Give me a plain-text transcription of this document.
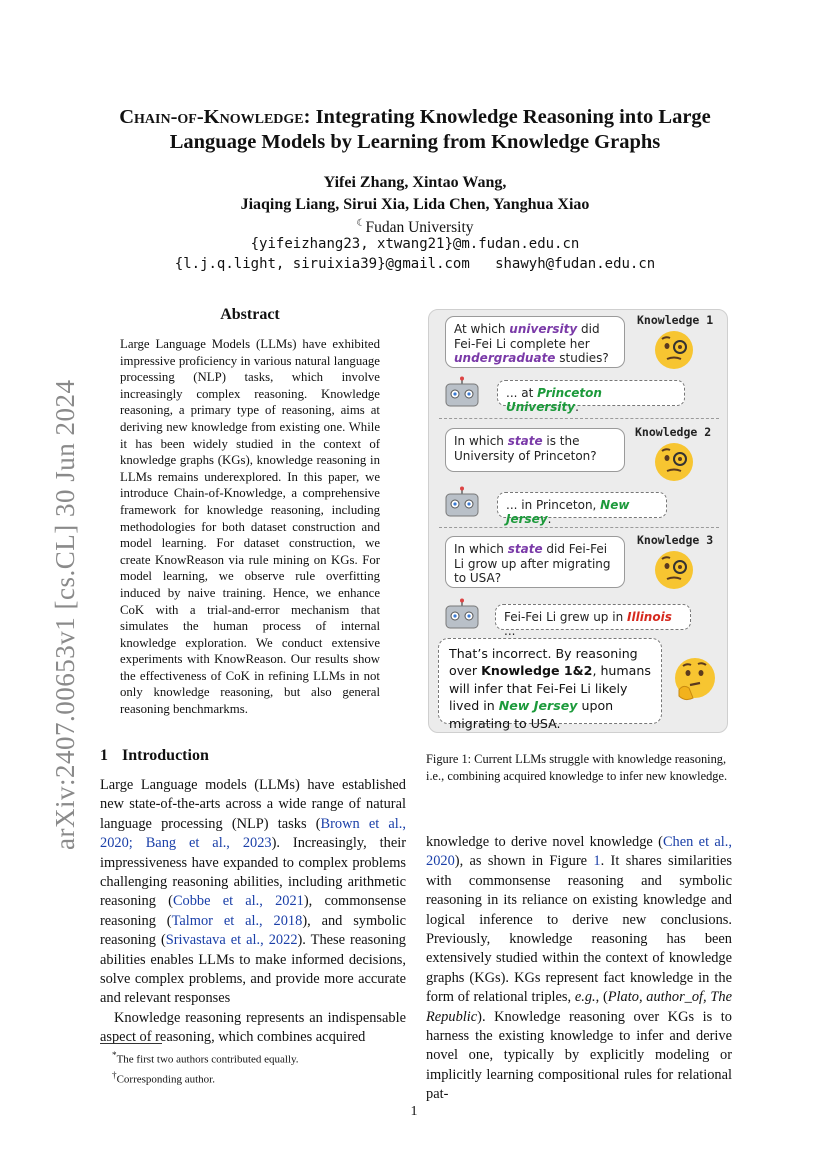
arXiv:2407.00653v1 [cs.CL] 30 Jun 2024
Chain-of-Knowledge: Integrating Knowledge Reasoning into Large
Language Models by Learning from Knowledge Graphs
Yifei Zhang, Xintao Wang,
Jiaqing Liang, Sirui Xia, Lida Chen, Yanghua Xiao
☾Fudan University
{yifeizhang23, xtwang21}@m.fudan.edu.cn
{l.j.q.light, siruixia39}@gmail.com   shawyh@fudan.edu.cn
Abstract
Large Language Models (LLMs) have exhibited impressive proficiency in various natural language processing (NLP) tasks, which involve increasingly complex reasoning. Knowledge reasoning, a primary type of reasoning, aims at deriving new knowledge from existing one. While it has been widely studied in the context of knowledge graphs (KGs), knowledge reasoning in LLMs remains underexplored. In this paper, we introduce Chain-of-Knowledge, a comprehensive framework for knowledge reasoning, including methodologies for both dataset construction and model learning. For dataset construction, we create KnowReason via rule mining on KGs. For model learning, we observe rule overfitting induced by naive training. Hence, we enhance CoK with a trial-and-error mechanism that simulates the human process of internal knowledge exploration. We conduct extensive experiments with KnowReason. Our results show the effectiveness of CoK in refining LLMs in not only knowledge reasoning, but also general reasoning benchmarkms.
1 Introduction

Large Language models (LLMs) have established new state-of-the-arts across a wide range of natural language processing (NLP) tasks (Brown et al., 2020; Bang et al., 2023). Increasingly, their impressiveness have expanded to complex problems challenging reasoning abilities, including arithmetic reasoning (Cobbe et al., 2021), commonsense reasoning (Talmor et al., 2018), and symbolic reasoning (Srivastava et al., 2022). These reasoning abilities enables LLMs to make informed decisions, solve complex problems, and provide more accurate and relevant responses

Knowledge reasoning represents an indispensable aspect of reasoning, which combines acquired

*The first two authors contributed equally.
†Corresponding author.
Knowledge 1
At which university did Fei-Fei Li complete her undergraduate studies?
... at Princeton University.
Knowledge 2
In which state is the University of Princeton?
... in Princeton, New Jersey.
Knowledge 3
In which state did Fei-Fei Li grow up after migrating to USA?
Fei-Fei Li grew up in Illinois ...
That’s incorrect. By reasoning over Knowledge 1&2, humans will infer that Fei-Fei Li likely lived in New Jersey upon migrating to USA.
Figure 1: Current LLMs struggle with knowledge reasoning, i.e., combining acquired knowledge to infer new knowledge.
knowledge to derive novel knowledge (Chen et al., 2020), as shown in Figure 1. It shares similarities with commonsense reasoning and symbolic reasoning in its reliance on existing knowledge and logical inference to derive new conclusions. Previously, knowledge reasoning has been extensively studied within the context of knowledge graphs (KGs). KGs represent fact knowledge in the form of relational triples, e.g., (Plato, author_of, The Republic). Knowledge reasoning over KGs is to harness the existing knowledge to infer and derive novel one, typically by explicitly modeling or implicitly learning compositional rules for relational pat-
1
